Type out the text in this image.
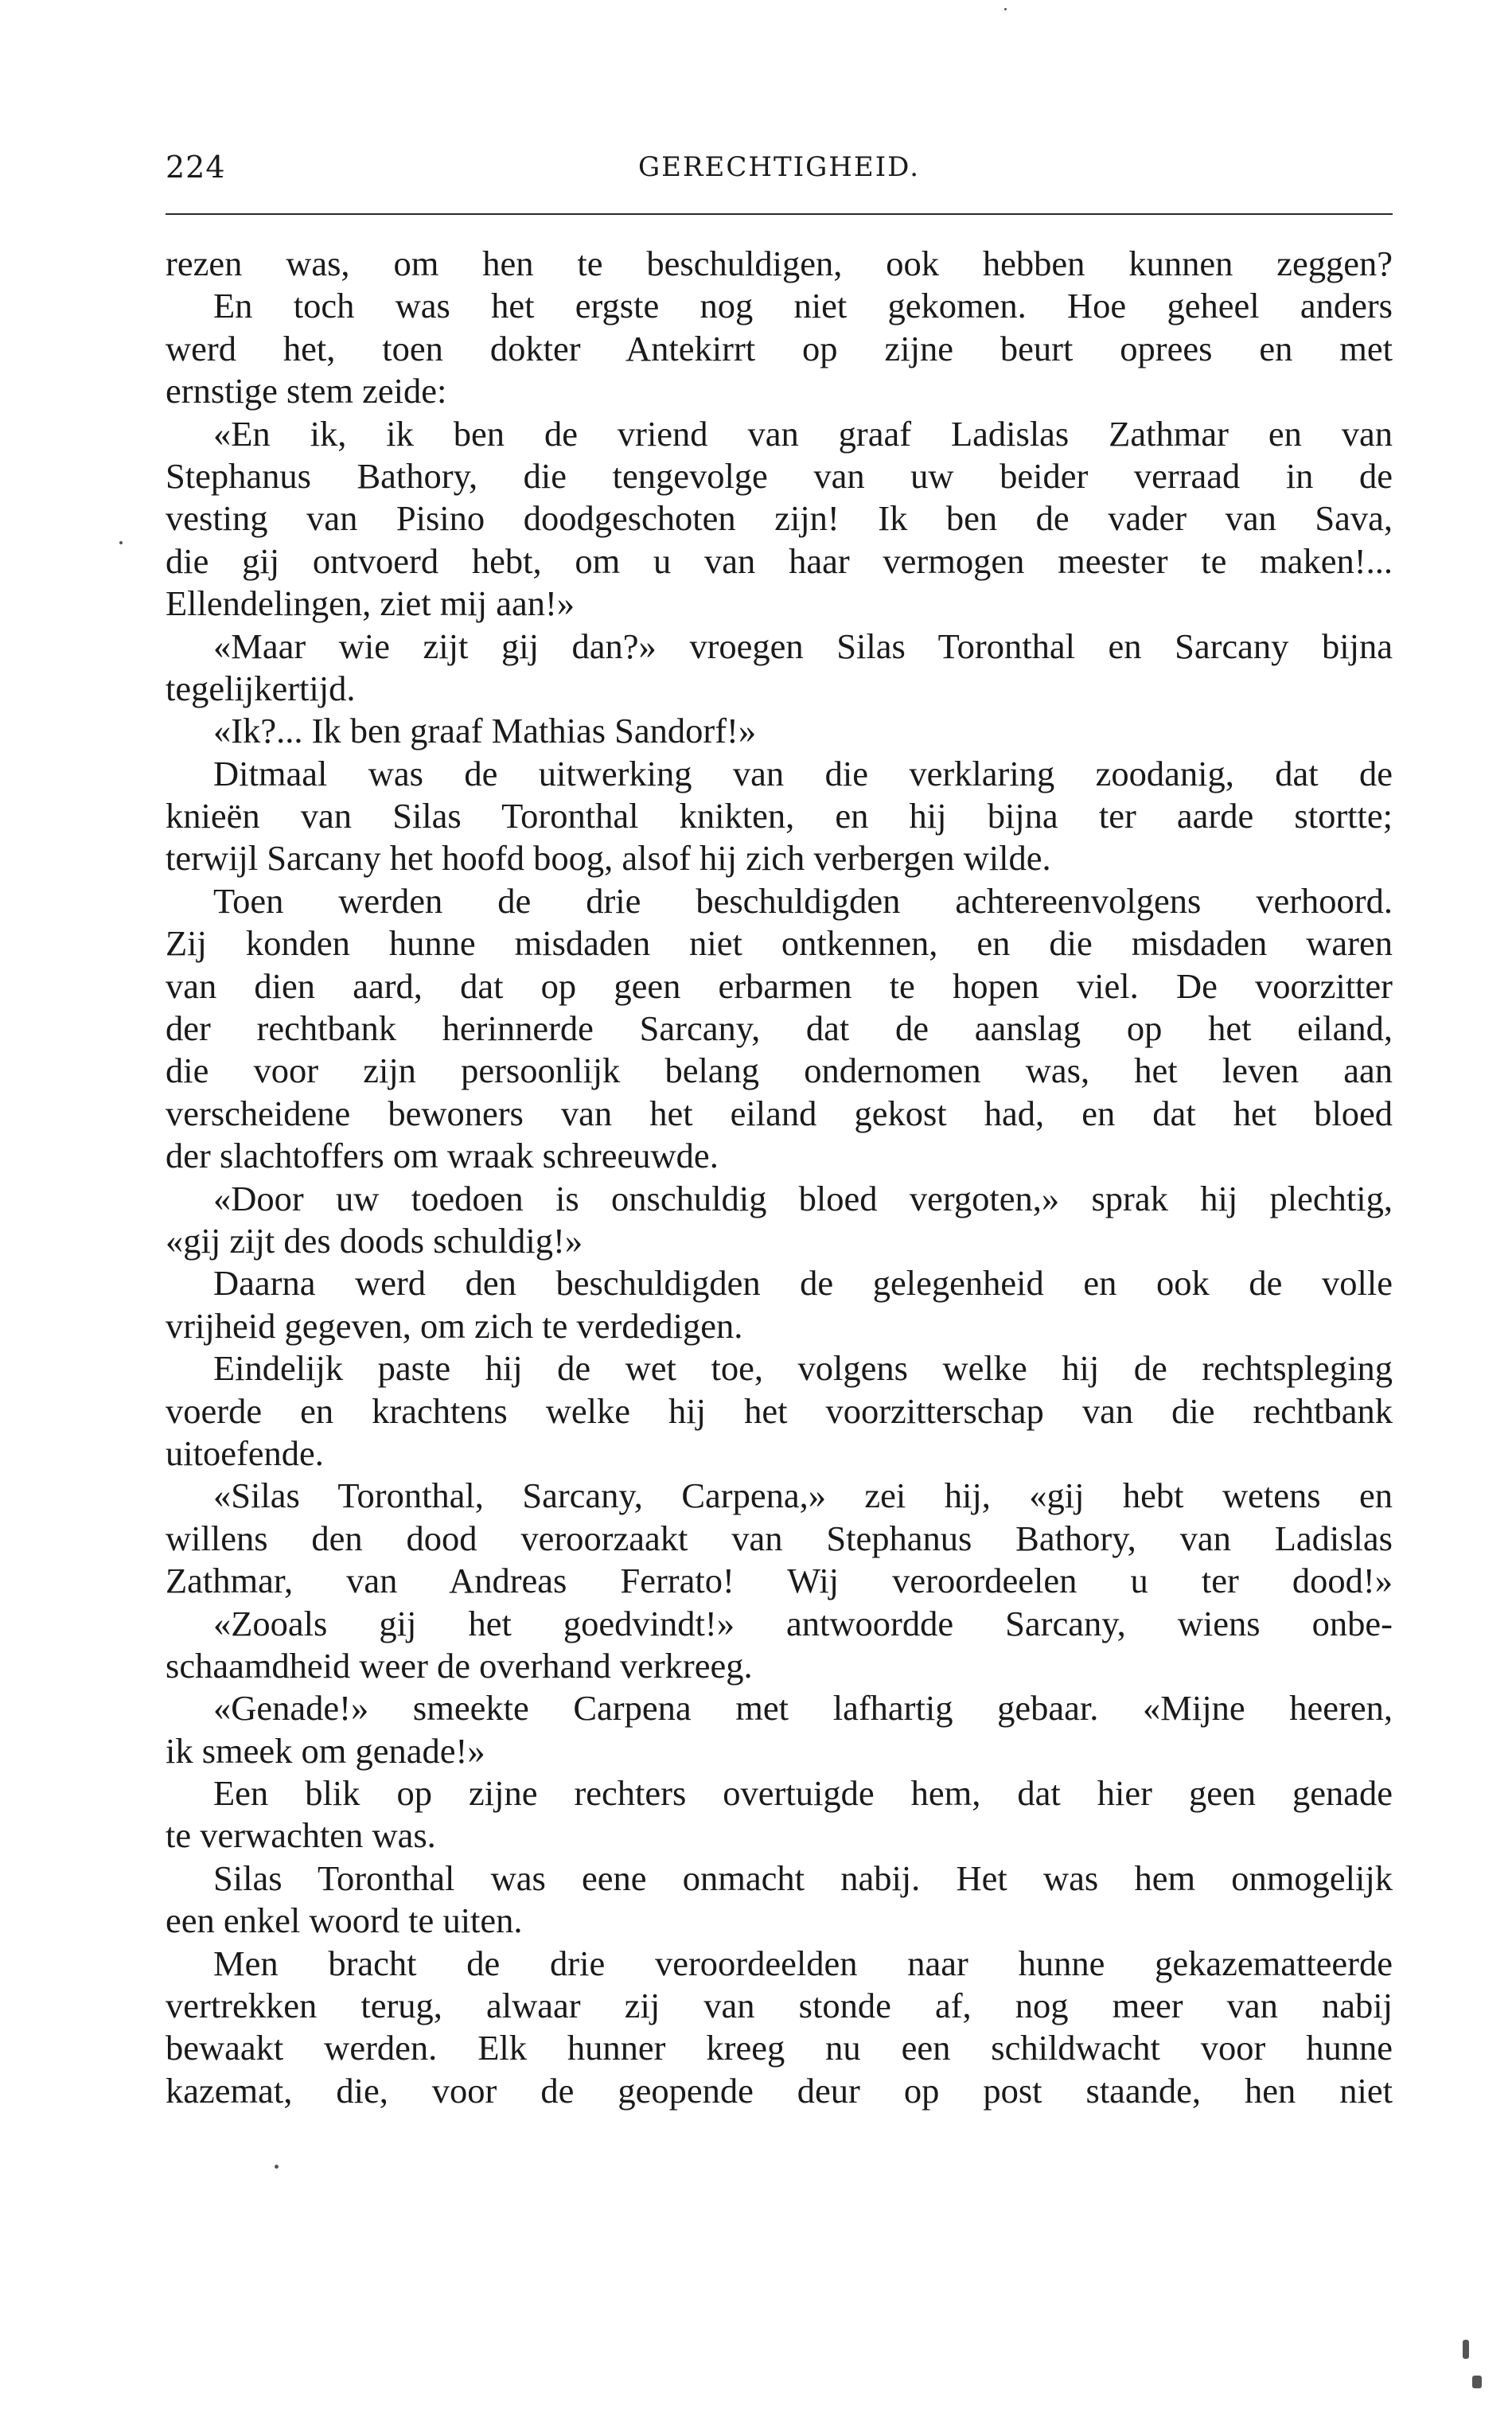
224	GERECHTIGHEID.
rezen was, om hen te beschuldigen, ook hebben kunnen zeggen?
En toch was het ergste nog niet gekomen. Hoe geheel anders
werd het, toen dokter Antekirrt op zijne beurt oprees en met
ernstige stem zeide:
«En ik, ik ben de vriend van graaf Ladislas Zathmar en van
Stephanus Bathory, die tengevolge van uw beider verraad in de
vesting van Pisino doodgeschoten zijn! Ik ben de vader van Sava,
die gij ontvoerd hebt, om u van haar vermogen meester te maken!...
Ellendelingen, ziet mij aan!»
«Maar wie zijt gij dan?» vroegen Silas Toronthal en Sarcany bijna
tegelijkertijd.
«Ik?... Ik ben graaf Mathias Sandorf!»
Ditmaal was de uitwerking van die verklaring zoodanig, dat de
knieën van Silas Toronthal knikten, en hij bijna ter aarde stortte;
terwijl Sarcany het hoofd boog, alsof hij zich verbergen wilde.
Toen werden de drie beschuldigden achtereenvolgens verhoord.
Zij konden hunne misdaden niet ontkennen, en die misdaden waren
van dien aard, dat op geen erbarmen te hopen viel. De voorzitter
der rechtbank herinnerde Sarcany, dat de aanslag op het eiland,
die voor zijn persoonlijk belang ondernomen was, het leven aan
verscheidene bewoners van het eiland gekost had, en dat het bloed
der slachtoffers om wraak schreeuwde.
«Door uw toedoen is onschuldig bloed vergoten,» sprak hij plechtig,
«gij zijt des doods schuldig!»
Daarna werd den beschuldigden de gelegenheid en ook de volle
vrijheid gegeven, om zich te verdedigen.
Eindelijk paste hij de wet toe, volgens welke hij de rechtspleging
voerde en krachtens welke hij het voorzitterschap van die rechtbank
uitoefende.
«Silas Toronthal, Sarcany, Carpena,» zei hij, «gij hebt wetens en
willens den dood veroorzaakt van Stephanus Bathory, van Ladislas
Zathmar, van Andreas Ferrato! Wij veroordeelen u ter dood!»
«Zooals gij het goedvindt!» antwoordde Sarcany, wiens onbe-
schaamdheid weer de overhand verkreeg.
«Genade!» smeekte Carpena met lafhartig gebaar. «Mijne heeren,
ik smeek om genade!»
Een blik op zijne rechters overtuigde hem, dat hier geen genade
te verwachten was.
Silas Toronthal was eene onmacht nabij. Het was hem onmogelijk
een enkel woord te uiten.
Men bracht de drie veroordeelden naar hunne gekazematteerde
vertrekken terug, alwaar zij van stonde af, nog meer van nabij
bewaakt werden. Elk hunner kreeg nu een schildwacht voor hunne
kazemat, die, voor de geopende deur op post staande, hen niet
